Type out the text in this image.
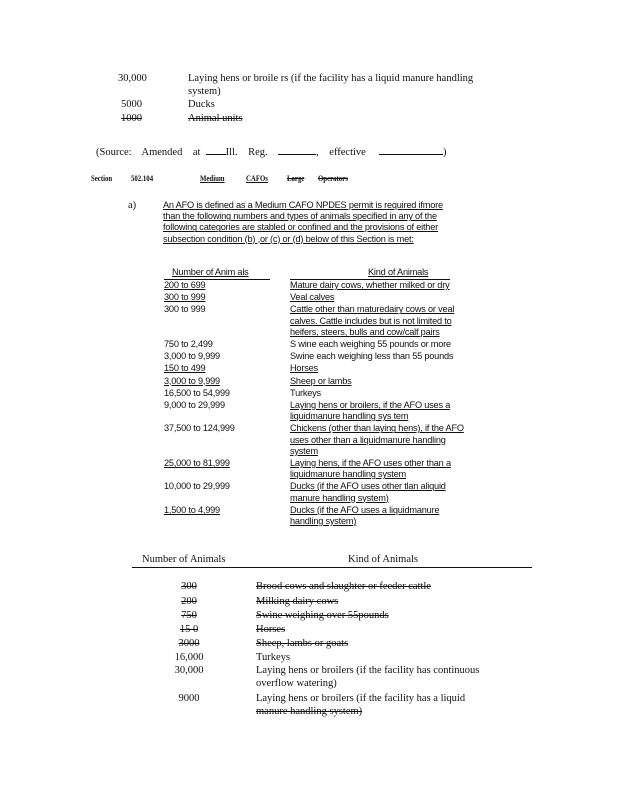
30,000	Laying hens or broile rs (if the facility has a liquid manure handling
system)
5000	Ducks
1000	Animal units
(Source: Amended at Ill. Reg.	, effective	)
Section 502.104	Medium	CAFOs Large Operators
a)	An AFO is defined as a Medium CAFO NPDES permit is required ifmore
than the following numbers and types of animals specified in any of the
following categories are stabled or confined and the provisions of either
subsection condition (b) ,or (c) or (d) below of this Section is met:
Number of Anim als	Kind of Animals
200 to 699	Mature dairy cows, whether milked or dry
300 to 999	Veal calves
300 to 999	Cattle other than maturedairy cows or veal
calves. Cattle includes but is not limited to
heifers, steers, bulls and cow/calf pairs
750 to 2,499	S wine each weighing 55 pounds or more
3,000 to 9,999	Swine each weighing less than 55 pounds
150 to 499	Horses
3,000 to 9,999	Sheep or lambs
16,500 to 54,999	Turkeys
9,000 to 29,999	Laying hens or broilers, if the AFO uses a
liquidmanure handling sys tem
37,500 to 124,999	Chickens (other than laying hens), if the AFO
uses other than a liquidmanure handling
system
25,000 to 81,999	Laying hens, if the AFO uses other than a
liquidmanure handling system
10,000 to 29,999	Ducks (if the AFO uses other tlan aliquid
manure handling system)
1,500 to 4,999	Ducks (if the AFO uses a liquidmanure
handling system)
Number of Animals	Kind of Animals
300	Brood cows and slaughter or feeder cattle
200	Milking dairy cows
750	Swine weighing over 55pounds
15 0	Horses
3000	Sheep, lambs or goats
16,000	Turkeys
30,000	Laying hens or broilers (if the facility has continuous
overflow watering)
9000	Laying hens or broilers (if the facility has a liquid
manure handling system)
